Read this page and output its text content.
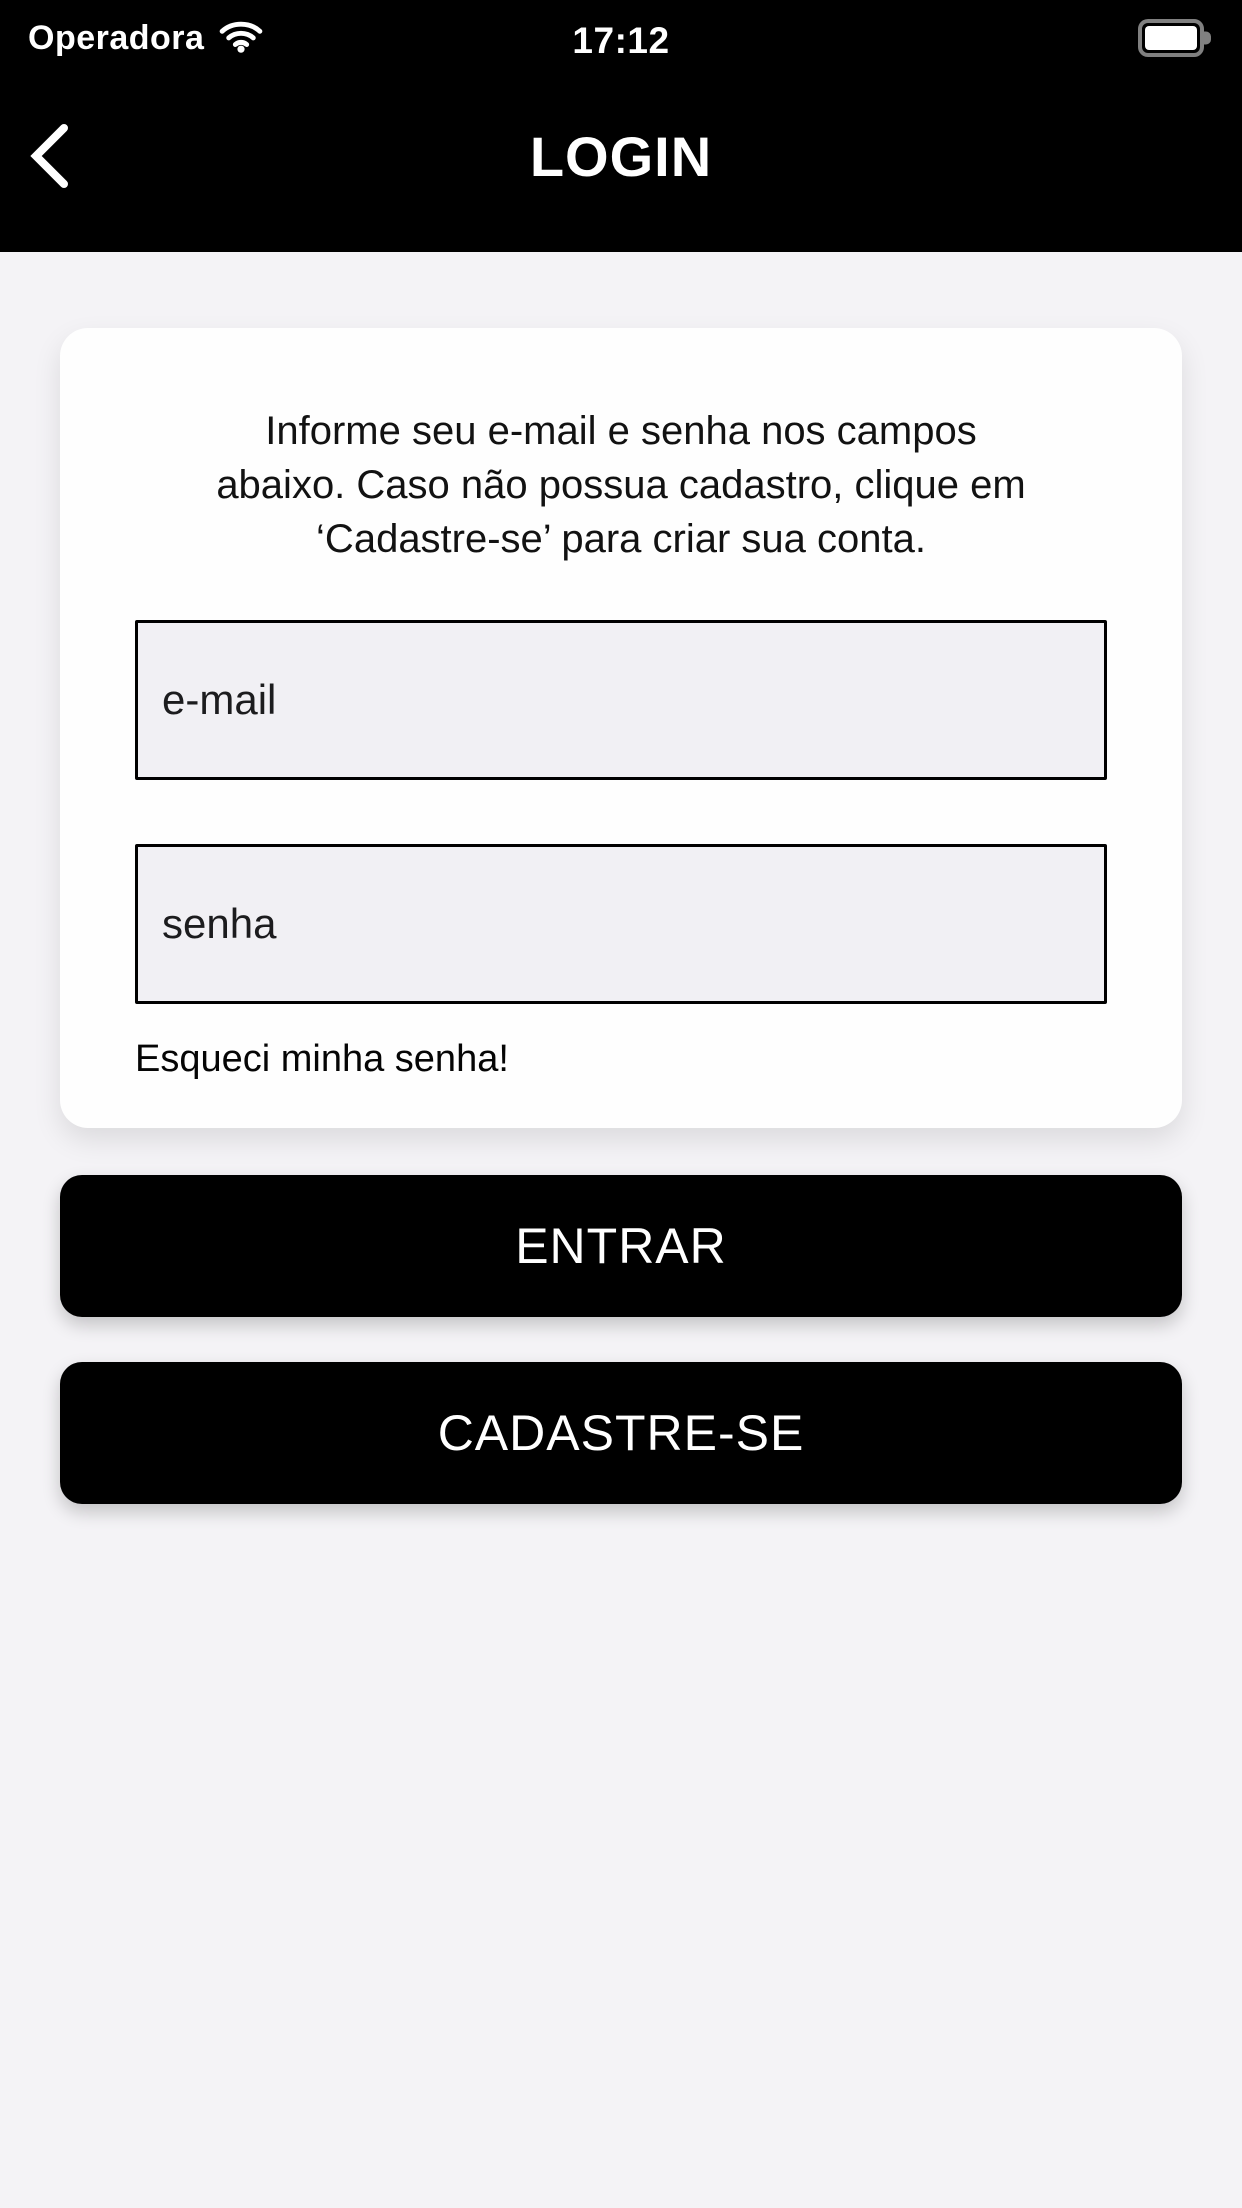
Operadora	17:12
LOGIN

Informe seu e-mail e senha nos campos abaixo. Caso não possua cadastro, clique em ‘Cadastre-se’ para criar sua conta.

e-mail
senha Esqueci minha senha!
ENTRAR
CADASTRE-SE
